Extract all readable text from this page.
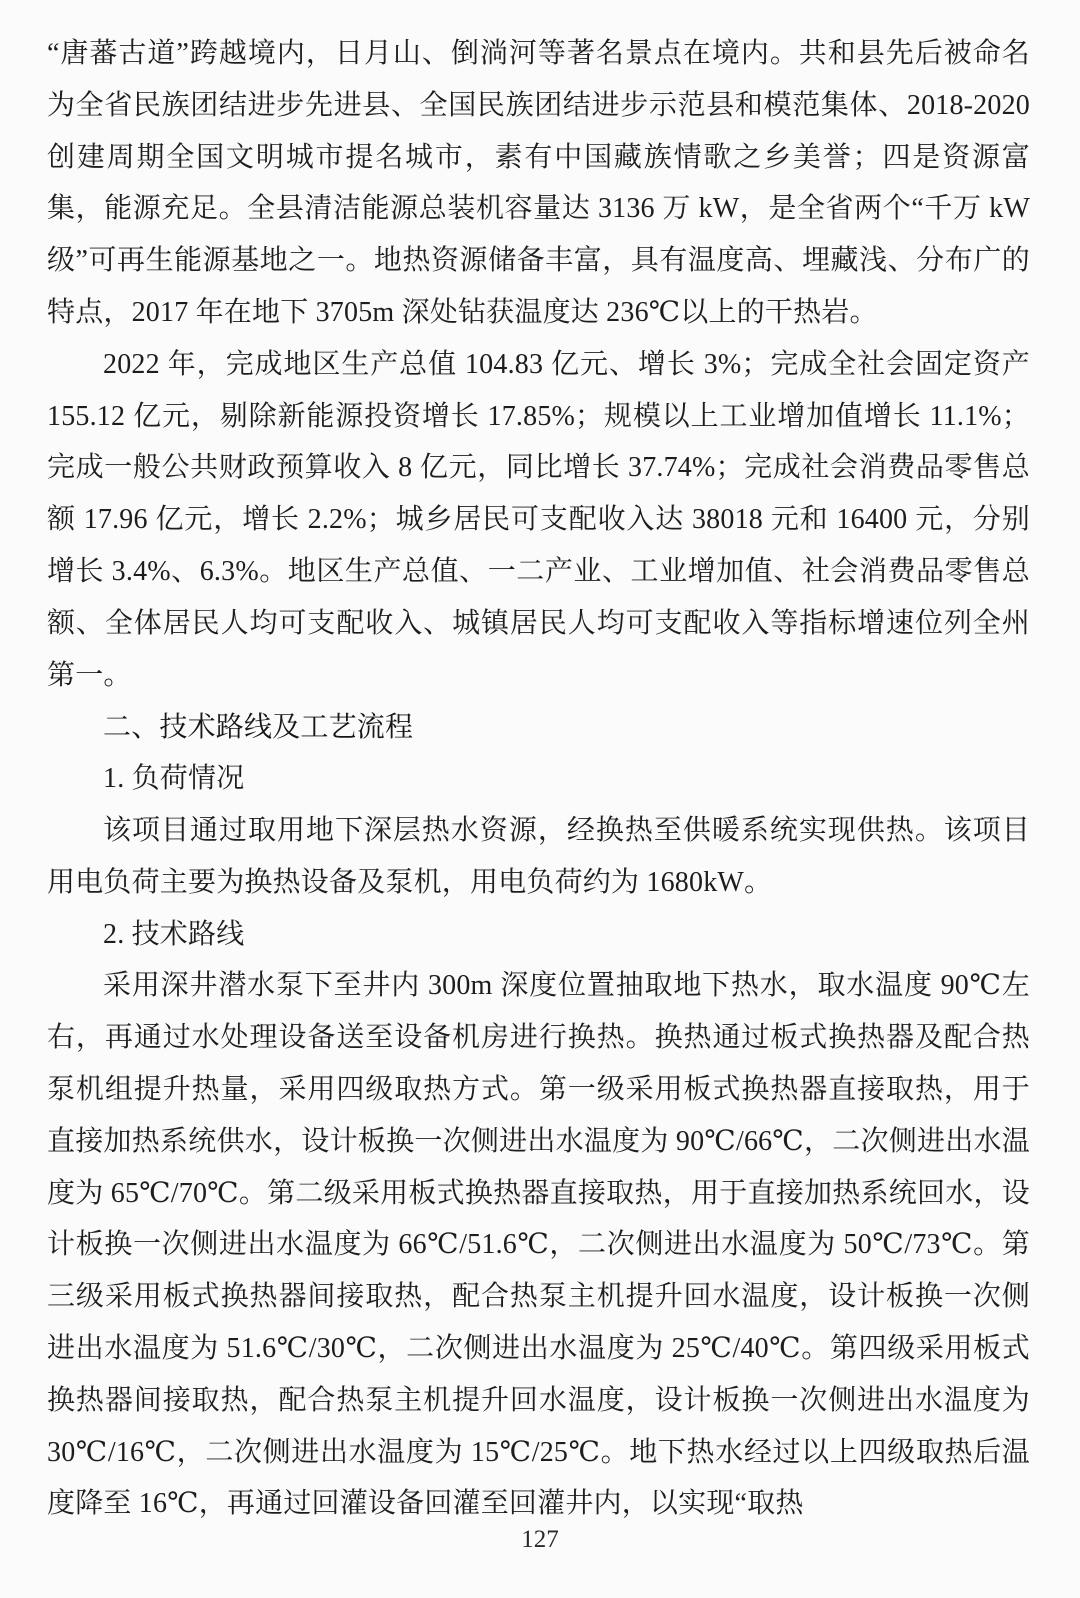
“唐蕃古道”跨越境内，日月山、倒淌河等著名景点在境内。共和县先后被命名为全省民族团结进步先进县、全国民族团结进步示范县和模范集体、2018-2020 创建周期全国文明城市提名城市，素有中国藏族情歌之乡美誉；四是资源富集，能源充足。全县清洁能源总装机容量达 3136 万 kW，是全省两个“千万 kW 级”可再生能源基地之一。地热资源储备丰富，具有温度高、埋藏浅、分布广的特点，2017 年在地下 3705m 深处钻获温度达 236℃以上的干热岩。

2022 年，完成地区生产总值 104.83 亿元、增长 3%；完成全社会固定资产 155.12 亿元，剔除新能源投资增长 17.85%；规模以上工业增加值增长 11.1%；完成一般公共财政预算收入 8 亿元，同比增长 37.74%；完成社会消费品零售总额 17.96 亿元，增长 2.2%；城乡居民可支配收入达 38018 元和 16400 元，分别增长 3.4%、6.3%。地区生产总值、一二产业、工业增加值、社会消费品零售总额、全体居民人均可支配收入、城镇居民人均可支配收入等指标增速位列全州第一。

二、技术路线及工艺流程

1. 负荷情况

该项目通过取用地下深层热水资源，经换热至供暖系统实现供热。该项目用电负荷主要为换热设备及泵机，用电负荷约为 1680kW。

2. 技术路线

采用深井潜水泵下至井内 300m 深度位置抽取地下热水，取水温度 90℃左右，再通过水处理设备送至设备机房进行换热。换热通过板式换热器及配合热泵机组提升热量，采用四级取热方式。第一级采用板式换热器直接取热，用于直接加热系统供水，设计板换一次侧进出水温度为 90℃/66℃，二次侧进出水温度为 65℃/70℃。第二级采用板式换热器直接取热，用于直接加热系统回水，设计板换一次侧进出水温度为 66℃/51.6℃，二次侧进出水温度为 50℃/73℃。第三级采用板式换热器间接取热，配合热泵主机提升回水温度，设计板换一次侧进出水温度为 51.6℃/30℃，二次侧进出水温度为 25℃/40℃。第四级采用板式换热器间接取热，配合热泵主机提升回水温度，设计板换一次侧进出水温度为 30℃/16℃，二次侧进出水温度为 15℃/25℃。地下热水经过以上四级取热后温度降至 16℃，再通过回灌设备回灌至回灌井内，以实现“取热

127
